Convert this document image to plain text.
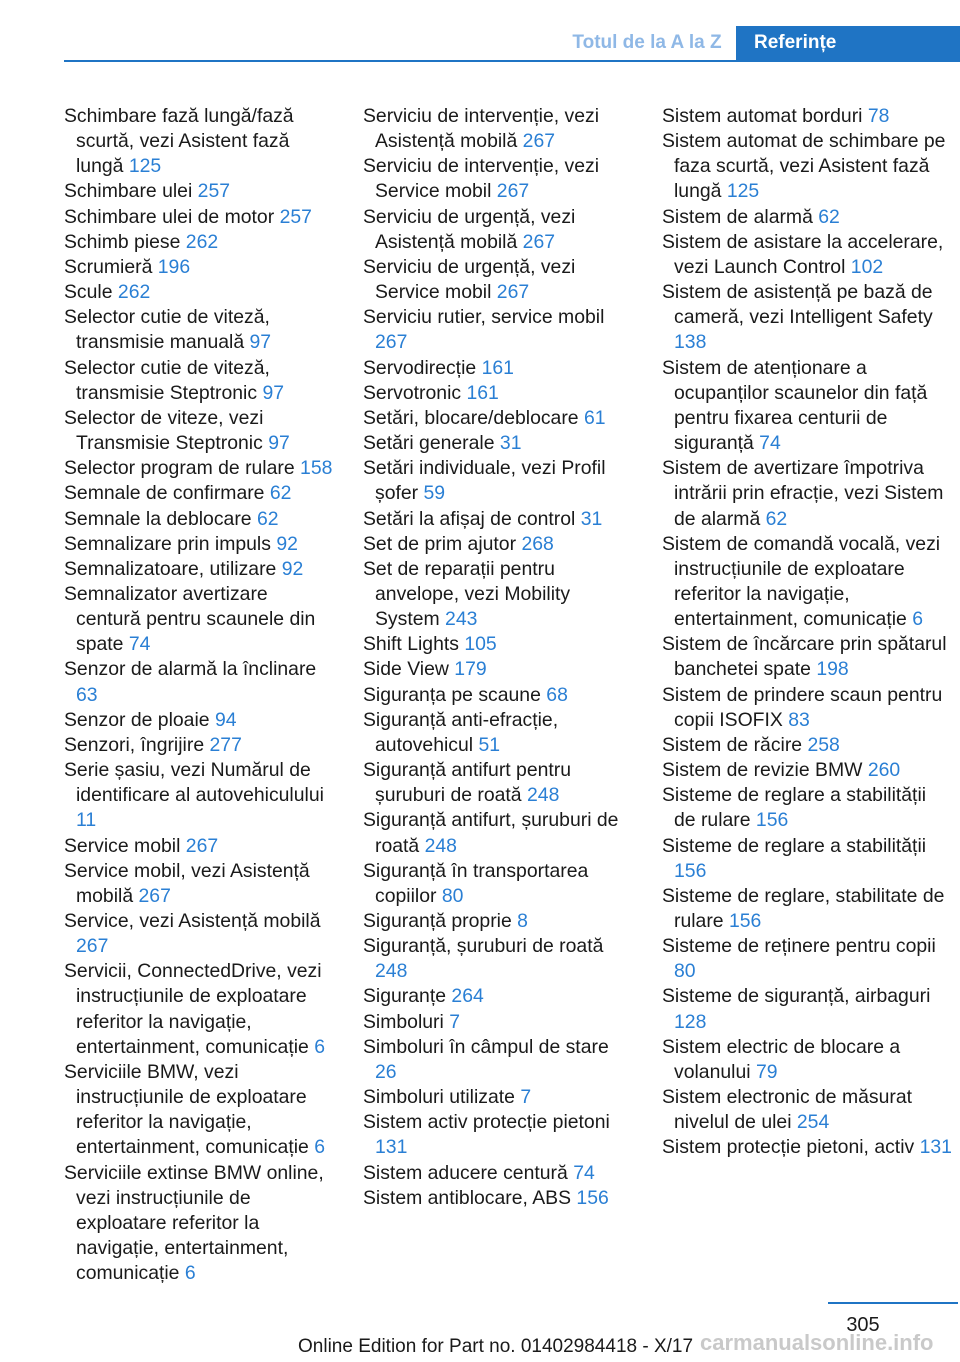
Totul de la A la Z	Referințe
Schimbare fază lungă/fază scurtă, vezi Asistent fază lungă 125
Schimbare ulei 257
Schimbare ulei de motor 257
Schimb piese 262
Scrumieră 196
Scule 262
Selector cutie de viteză, transmisie manuală 97
Selector cutie de viteză, transmisie Steptronic 97
Selector de viteze, vezi Transmisie Steptronic 97
Selector program de rulare 158
Semnale de confirmare 62
Semnale la deblocare 62
Semnalizare prin impuls 92
Semnalizatoare, utilizare 92
Semnalizator avertizare centură pentru scaunele din spate 74
Senzor de alarmă la înclinare 63
Senzor de ploaie 94
Senzori, îngrijire 277
Serie șasiu, vezi Numărul de identificare al autovehiculului 11
Service mobil 267
Service mobil, vezi Asistență mobilă 267
Service, vezi Asistență mobilă 267
Servicii, ConnectedDrive, vezi instrucțiunile de exploatare referitor la navigație, entertainment, comunicație 6
Serviciile BMW, vezi instrucțiunile de exploatare referitor la navigație, entertainment, comunicație 6
Serviciile extinse BMW online, vezi instrucțiunile de exploatare referitor la navigație, entertainment, comunicație 6
Serviciu de intervenție, vezi Asistență mobilă 267
Serviciu de intervenție, vezi Service mobil 267
Serviciu de urgență, vezi Asistență mobilă 267
Serviciu de urgență, vezi Service mobil 267
Serviciu rutier, service mobil 267
Servodirecție 161
Servotronic 161
Setări, blocare/deblocare 61
Setări generale 31
Setări individuale, vezi Profil șofer 59
Setări la afișaj de control 31
Set de prim ajutor 268
Set de reparații pentru anvelope, vezi Mobility System 243
Shift Lights 105
Side View 179
Siguranța pe scaune 68
Siguranță anti-efracție, autovehicul 51
Siguranță antifurt pentru șuruburi de roată 248
Siguranță antifurt, șuruburi de roată 248
Siguranță în transportarea copiilor 80
Siguranță proprie 8
Siguranță, șuruburi de roată 248
Siguranțe 264
Simboluri 7
Simboluri în câmpul de stare 26
Simboluri utilizate 7
Sistem activ protecție pietoni 131
Sistem aducere centură 74
Sistem antiblocare, ABS 156
Sistem automat borduri 78
Sistem automat de schimbare pe faza scurtă, vezi Asistent fază lungă 125
Sistem de alarmă 62
Sistem de asistare la accelerare, vezi Launch Control 102
Sistem de asistență pe bază de cameră, vezi Intelligent Safety 138
Sistem de atenționare a ocupanților scaunelor din față pentru fixarea centurii de siguranță 74
Sistem de avertizare împotriva intrării prin efracție, vezi Sistem de alarmă 62
Sistem de comandă vocală, vezi instrucțiunile de exploatare referitor la navigație, entertainment, comunicație 6
Sistem de încărcare prin spătarul banchetei spate 198
Sistem de prindere scaun pentru copii ISOFIX 83
Sistem de răcire 258
Sistem de revizie BMW 260
Sisteme de reglare a stabilității de rulare 156
Sisteme de reglare a stabilității 156
Sisteme de reglare, stabilitate de rulare 156
Sisteme de reținere pentru copii 80
Sisteme de siguranță, airbaguri 128
Sistem electric de blocare a volanului 79
Sistem electronic de măsurat nivelul de ulei 254
Sistem protecție pietoni, activ 131
305
Online Edition for Part no. 01402984418 - X/17 carmanualsonline.info
